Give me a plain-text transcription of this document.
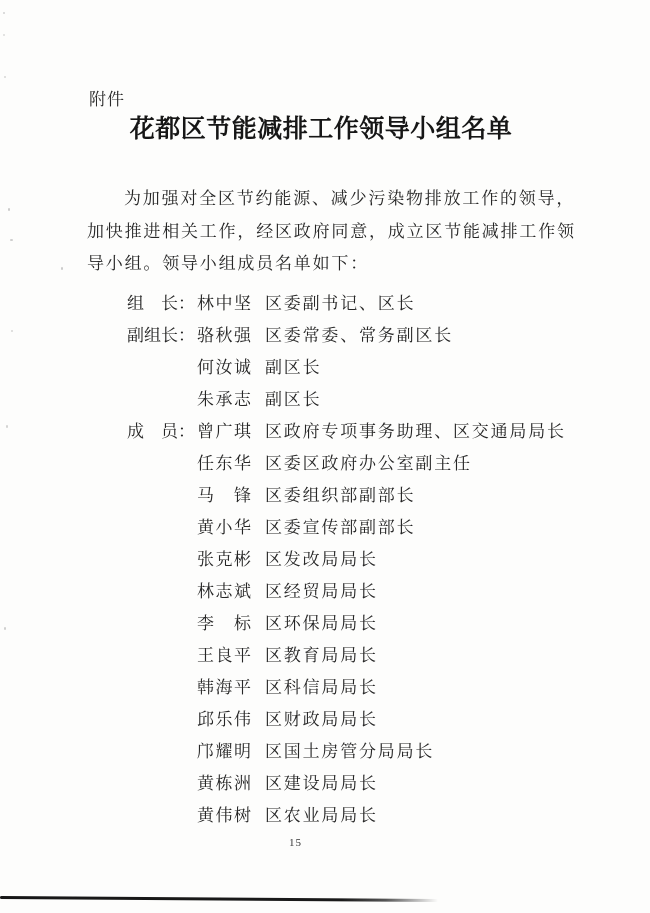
附件
花都区节能减排工作领导小组名单
为加强对全区节约能源、减少污染物排放工作的领导，
加快推进相关工作，经区政府同意，成立区节能减排工作领
导小组。领导小组成员名单如下：
组　长： 林中坚 区委副书记、区长
副组长： 骆秋强 区委常委、常务副区长
何汝诚 副区长
朱承志 副区长
成　员： 曾广琪 区政府专项事务助理、区交通局局长
任东华 区委区政府办公室副主任
马　锋 区委组织部副部长
黄小华 区委宣传部副部长
张克彬 区发改局局长
林志斌 区经贸局局长
李　标 区环保局局长
王良平 区教育局局长
韩海平 区科信局局长
邱乐伟 区财政局局长
邝耀明 区国土房管分局局长
黄栋洲 区建设局局长
黄伟树 区农业局局长
15
